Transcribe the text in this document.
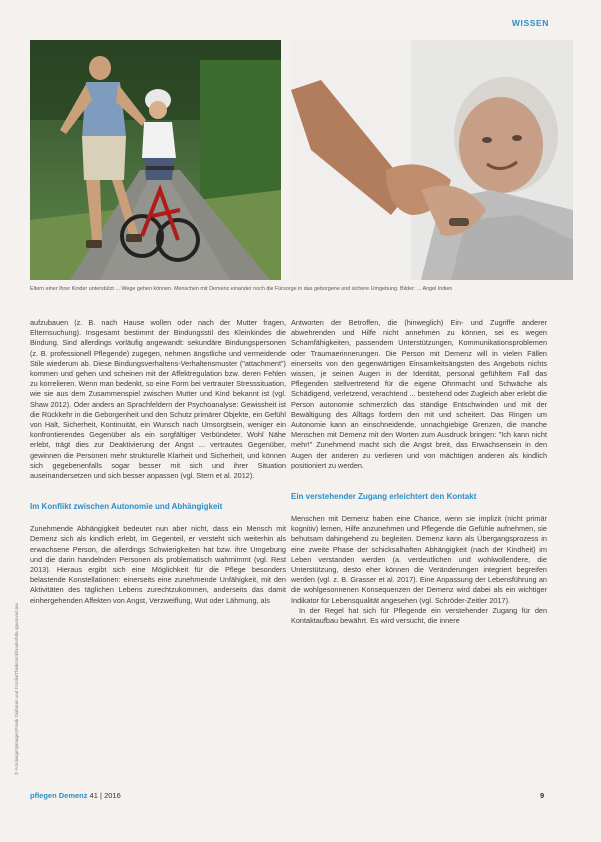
WISSEN
Eltern einer Ihrer Kinder unterstützt ... Wege gehen können. Menschen mit Demenz einander noch die Fürsorge in das geborgene und sichere Umgebung. Bilder: ... Angel Indien

aufzubauen (z. B. nach Hause wollen oder nach der Mutter fragen, Elternsuchung). Insgesamt bestimmt der Bindungsstil des Kleinkindes die Bindung. Sind allerdings vorläufig angewandt: sekundäre Bindungspersonen (z. B. professionell Pflegende) zugegen, nehmen ängstliche und vermeidende Stile wiederum ab. Diese Bindungsverhaltens-Verhaltensmuster ("attachment") kommen und gehen und scheinen mit der Affektregulation bzw. deren Fehlen zu korrelieren. Wenn man bedenkt, so eine Form bei vertrauter Stresssituation, wie sie aus dem Zusammenspiel zwischen Mutter und Kind bekannt ist (vgl. Shaw 2012). Oder anders an Sprachfeldern der Psychoanalyse: Gewissheit ist die Rückkehr in die Geborgenheit und den Schutz primärer Objekte, ein Gefühl von Halt, Sicherheit, Kontinuität, ein Wunsch nach Umsorgtsein, weniger ein konfrontierendes Gegenüber als ein sorgfältiger Verbündeter. Wohl Nähe erlebt, trägt dies zur Deaktivierung der Angst ... vertrautes Gegenüber, gewinnen die Personen mehr strukturelle Klarheit und Sicherheit, und können sich gegebenenfalls sogar besser mit sich und ihrer Situation auseinandersetzen und sich besser anpassen (vgl. Stern et al. 2012).

Im Konflikt zwischen Autonomie und Abhängigkeit

Zunehmende Abhängigkeit bedeutet nun aber nicht, dass ein Mensch mit Demenz sich als kindlich erlebt, im Gegenteil, er versteht sich weiterhin als erwachsene Person, die allerdings Schwierigkeiten hat bzw. ihre Umgebung und die darin handelnden Personen als problematisch wahrnimmt (vgl. Rest 2013). Hieraus ergibt sich eine Möglichkeit für die Pflege besonders belastende Konstellationen: einerseits eine zunehmende Unfähigkeit, mit den Aktivitäten des täglichen Lebens zurechtzukommen, anderseits das damit einhergehenden Affekten von Angst, Verzweiflung, Wut oder Lähmung, als

Antworten der Betroffen, die (hinweglich) Ein- und Zugriffe anderer abwehrenden und Hilfe nicht annehmen zu können, sei es wegen Schamfähigkeiten, passendem Unterstützungen, Kommunikationsproblemen oder Traumaerinnerungen. Die Person mit Demenz will in vielen Fällen einerseits von den gegenwärtigen Einsamkeitsängsten des Angebots nichts wissen, je seinen Augen in der Identität, personal gefühltem Fall das Pflegenden stellvertretend für die eigene Ohnmacht und Schwäche als Schädigend, verletzend, verachtend ... bestehend oder Zugleich aber erlebt die Person autonomie schmerzlich das ständige Entschwinden und mit der Bewältigung des Alltags fordern den mit und scheitert. Das Ringen um Autonomie kann an einschneidende, unnachgiebige Grenzen, die manche Menschen mit Demenz mit den Worten zum Ausdruck bringen: "Ich kann nicht mehr!" Zunehmend macht sich die Angst breit, das Erwachsensein in den Augen der anderen zu verlieren und von mächtigen anderen als kindlich positioniert zu werden.

Ein verstehender Zugang erleichtert den Kontakt

Menschen mit Demenz haben eine Chance, wenn sie implizit (nicht primär kognitiv) lernen, Hilfe anzunehmen und Pflegende die Gefühle aufnehmen, sie behutsam dahingehend zu begleiten. Demenz kann als Übergangsprozess in eine zweite Phase der schicksalhaften Abhängigkeit (nach der Kindheit) im Leben verstanden werden (a. verdeutlichen und wohlwollendere, die Unterstützung, desto eher können die Veränderungen integriert begreifen werden (vgl. z. B. Grasser et al. 2017). Eine Anpassung der Lebensführung an die wohlgesonnenen Konsequenzen der Demenz wird dabei als ein wichtiger Indikator für Lebensqualität angesehen (vgl. Schröder-Zeitler 2017).

In der Regel hat sich für Pflegende ein verstehender Zugang für den Kontaktaufbau bewährt. Es wird versucht, die innere

© Fotolia/gettyimages/Frank Diabamn und Fotolia/Thinkstock/Nadezhda Ignatova/Lina
pflegen Demenz 41 | 2016	9
